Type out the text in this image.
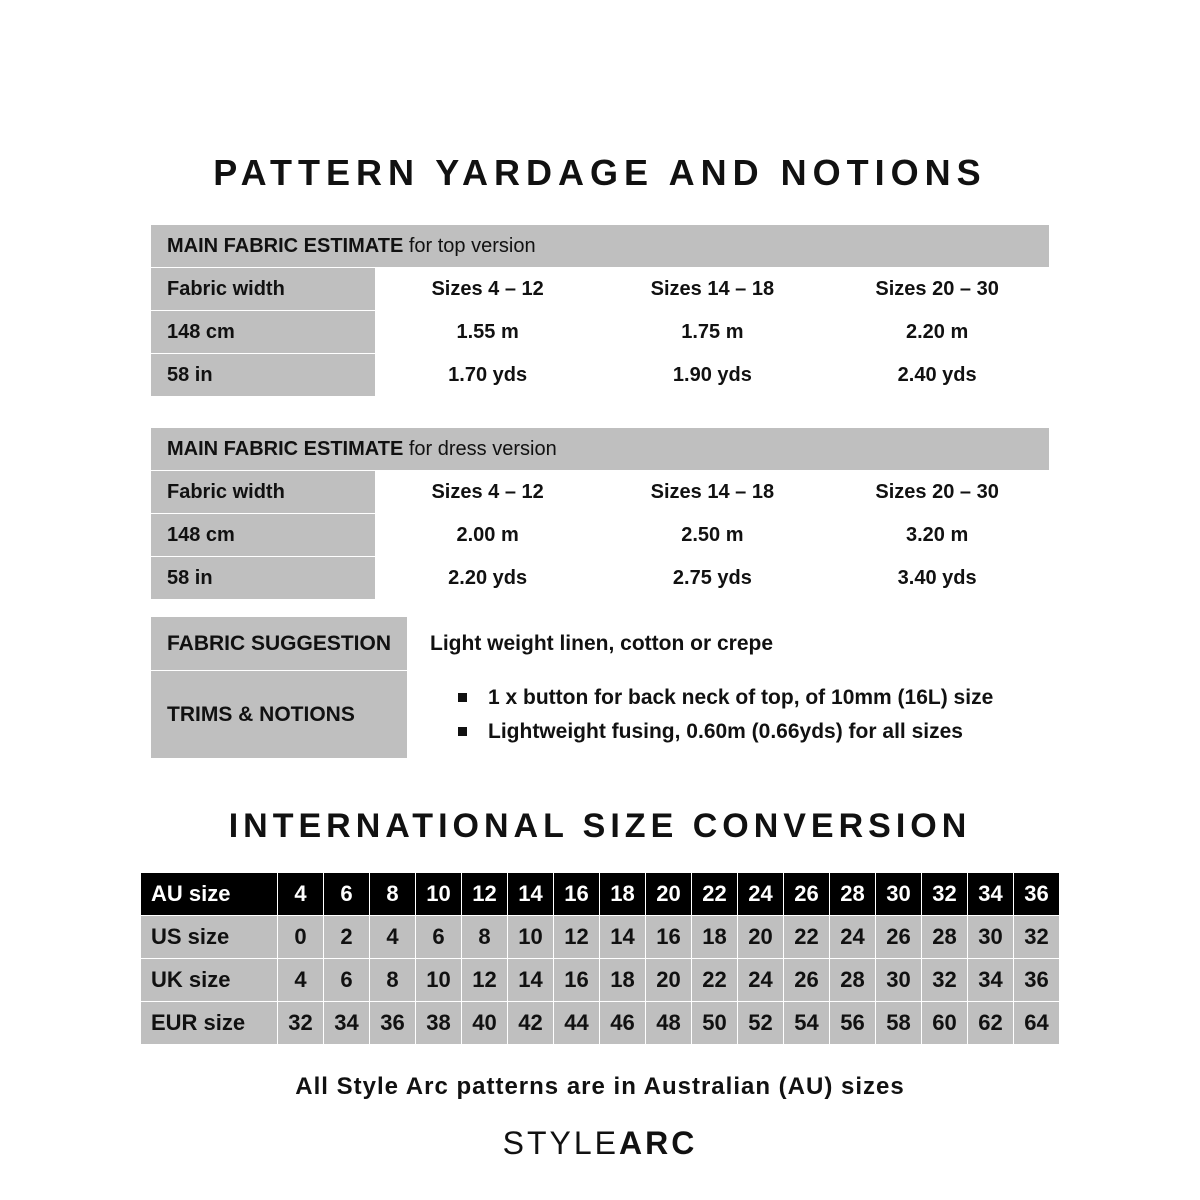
PATTERN YARDAGE AND NOTIONS
MAIN FABRIC ESTIMATE for top version			
Fabric width	Sizes 4 – 12	Sizes 14 – 18	Sizes 20 – 30
148 cm	1.55 m	1.75 m	2.20 m
58 in	1.70 yds	1.90 yds	2.40 yds
MAIN FABRIC ESTIMATE for dress version			
Fabric width	Sizes 4 – 12	Sizes 14 – 18	Sizes 20 – 30
148 cm	2.00 m	2.50 m	3.20 m
58 in	2.20 yds	2.75 yds	3.40 yds
FABRIC SUGGESTION	Light weight linen, cotton or crepe
TRIMS & NOTIONS	
1 x button for back neck of top, of 10mm (16L) size
Lightweight fusing, 0.60m (0.66yds) for all sizes
INTERNATIONAL SIZE CONVERSION
AU size	4	6	8	10	12	14	16	18	20	22	24	26	28	30	32	34	36
US size	0	2	4	6	8	10	12	14	16	18	20	22	24	26	28	30	32
UK size	4	6	8	10	12	14	16	18	20	22	24	26	28	30	32	34	36
EUR size	32	34	36	38	40	42	44	46	48	50	52	54	56	58	60	62	64
All Style Arc patterns are in Australian (AU) sizes
STYLEARC
